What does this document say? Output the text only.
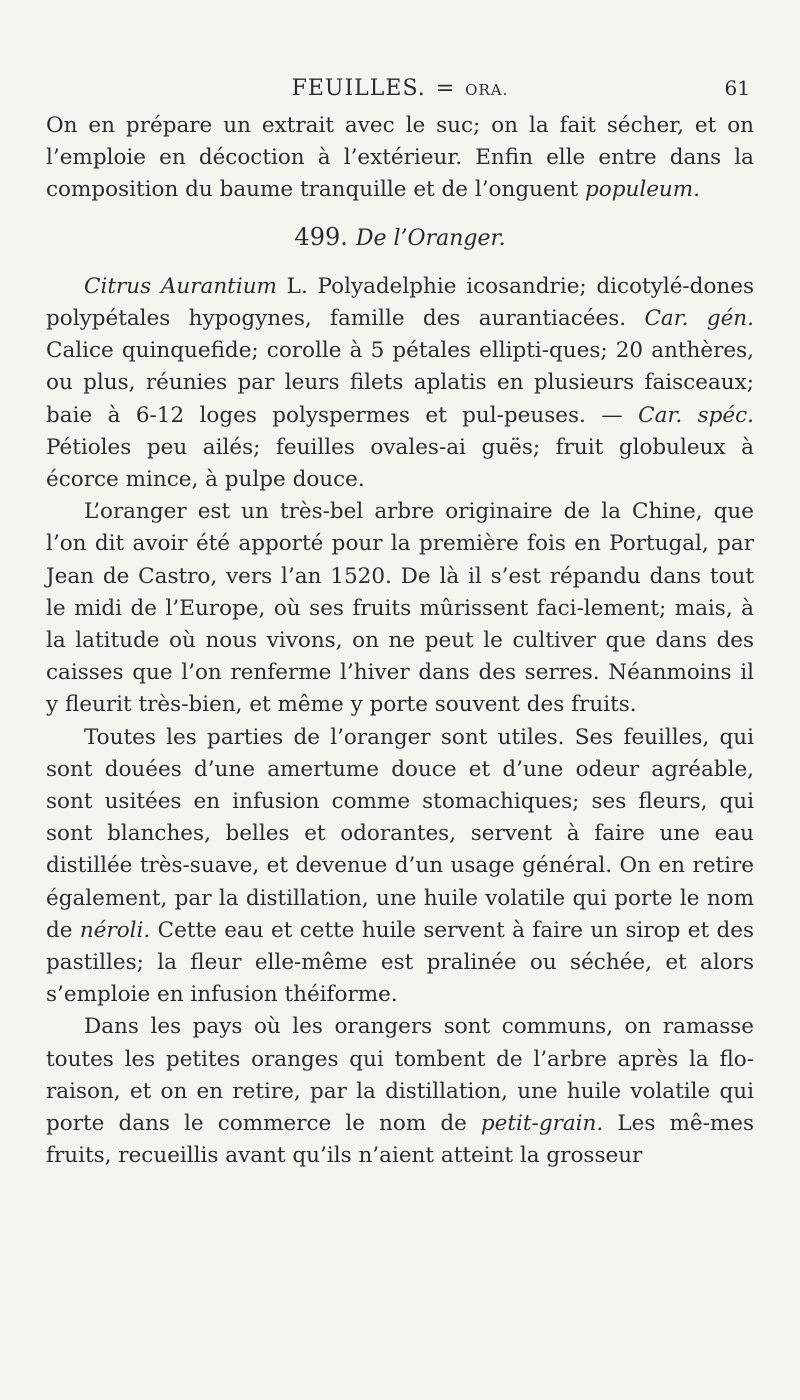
FEUILLES. = ORA.	61

On en prépare un extrait avec le suc; on la fait sécher, et on l’emploie en décoction à l’extérieur. Enfin elle entre dans la composition du baume tranquille et de l’onguent populeum.

499. De l’Oranger.

Citrus Aurantium L. Polyadelphie icosandrie; dicotylé-dones polypétales hypogynes, famille des aurantiacées. Car. gén. Calice quinquefide; corolle à 5 pétales ellipti-ques; 20 anthères, ou plus, réunies par leurs filets aplatis en plusieurs faisceaux; baie à 6-12 loges polyspermes et pul-peuses. — Car. spéc. Pétioles peu ailés; feuilles ovales-ai guës; fruit globuleux à écorce mince, à pulpe douce.

L’oranger est un très-bel arbre originaire de la Chine, que l’on dit avoir été apporté pour la première fois en Portugal, par Jean de Castro, vers l’an 1520. De là il s’est répandu dans tout le midi de l’Europe, où ses fruits mûrissent faci-lement; mais, à la latitude où nous vivons, on ne peut le cultiver que dans des caisses que l’on renferme l’hiver dans des serres. Néanmoins il y fleurit très-bien, et même y porte souvent des fruits.

Toutes les parties de l’oranger sont utiles. Ses feuilles, qui sont douées d’une amertume douce et d’une odeur agréable, sont usitées en infusion comme stomachiques; ses fleurs, qui sont blanches, belles et odorantes, servent à faire une eau distillée très-suave, et devenue d’un usage général. On en retire également, par la distillation, une huile volatile qui porte le nom de néroli. Cette eau et cette huile servent à faire un sirop et des pastilles; la fleur elle-même est pralinée ou séchée, et alors s’emploie en infusion théiforme.

Dans les pays où les orangers sont communs, on ramasse toutes les petites oranges qui tombent de l’arbre après la flo-raison, et on en retire, par la distillation, une huile volatile qui porte dans le commerce le nom de petit-grain. Les mê-mes fruits, recueillis avant qu’ils n’aient atteint la grosseur
